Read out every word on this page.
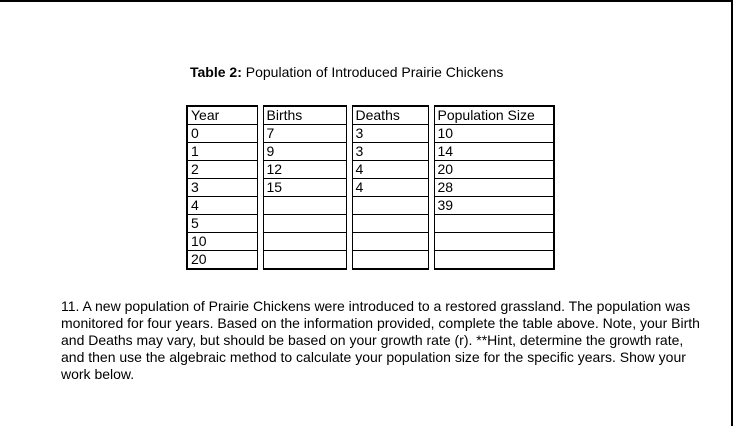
Table 2: Population of Introduced Prairie Chickens
Year		Births		Deaths		Population Size
0		7		3		10
1		9		3		14
2		12		4		20
3		15		4		28
4						39
5						
10						
20						
11. A new population of Prairie Chickens were introduced to a restored grassland. The population was monitored for four years. Based on the information provided, complete the table above. Note, your Birth and Deaths may vary, but should be based on your growth rate (r). **Hint, determine the growth rate, and then use the algebraic method to calculate your population size for the specific years. Show your work below.
